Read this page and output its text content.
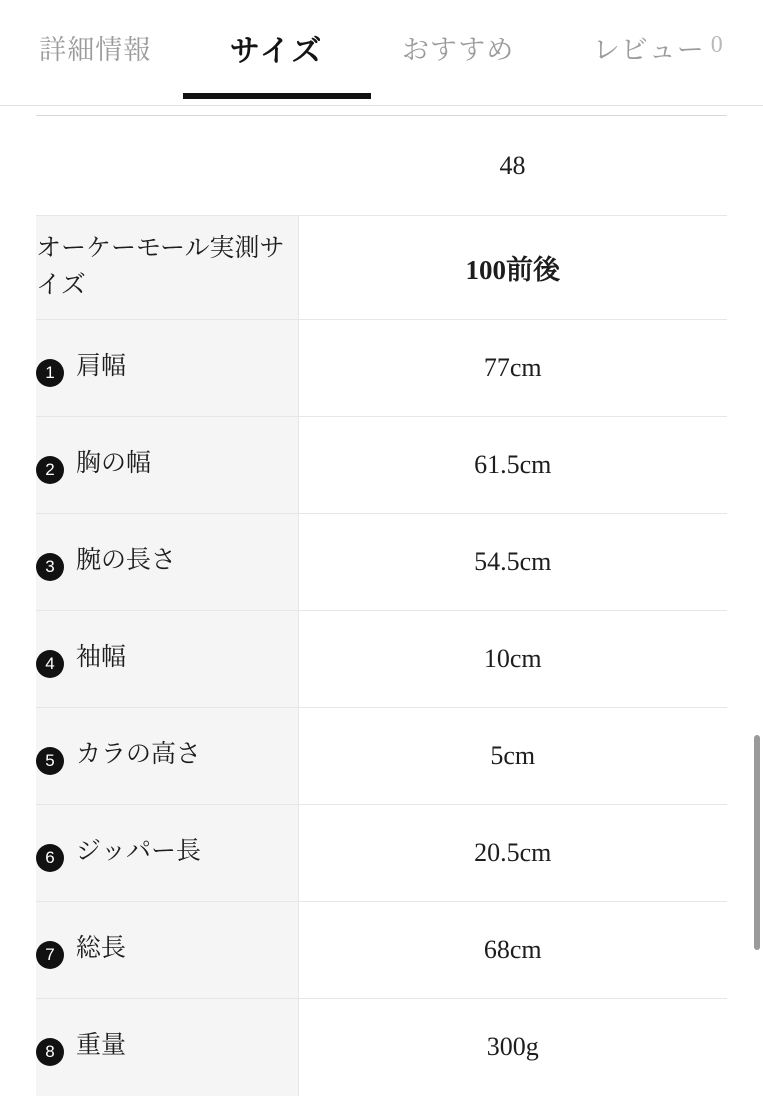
詳細情報	サイズ	おすすめ	レビュー 0
	48
オーケーモール実測サイズ	100前後
1 肩幅	77cm
2 胸の幅	61.5cm
3 腕の長さ	54.5cm
4 袖幅	10cm
5 カラの高さ	5cm
6 ジッパー長	20.5cm
7 総長	68cm
8 重量	300g
